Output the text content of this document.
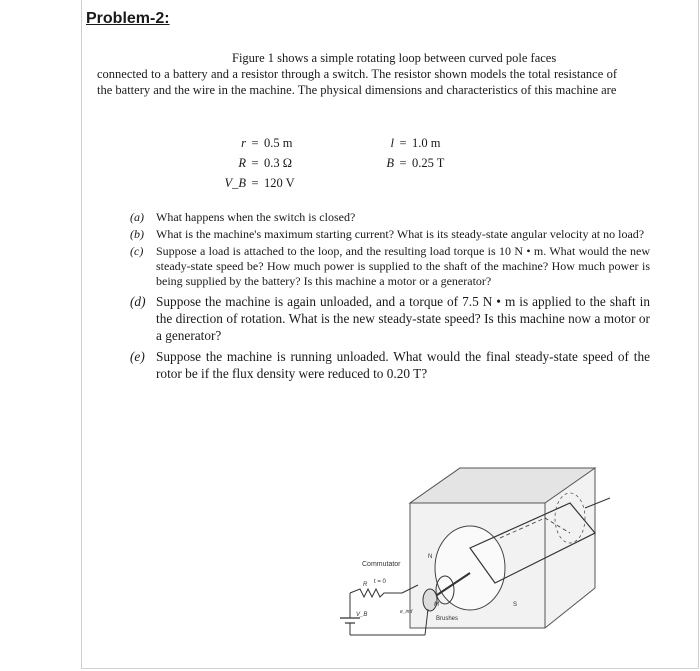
Problem-2:
Figure 1 shows a simple rotating loop between curved pole faces
connected to a battery and a resistor through a switch. The resistor shown models the total resistance of the battery and the wire in the machine. The physical dimensions and characteristics of this machine are
r = 0.5 m
R = 0.3 Ω
V_B = 120 V
l = 1.0 m
B = 0.25 T
(a)	What happens when the switch is closed?
(b)	What is the machine's maximum starting current? What is its steady-state angular velocity at no load?
(c)	Suppose a load is attached to the loop, and the resulting load torque is 10 N • m. What would the new steady-state speed be? How much power is supplied to the shaft of the machine? How much power is being supplied by the battery? Is this machine a motor or a generator?
(d) Suppose the machine is again unloaded, and a torque of 7.5 N • m is applied to the shaft in the direction of rotation. What is the new steady-state speed? Is this machine now a motor or a generator?
(e) Suppose the machine is running unloaded. What would the final steady-state speed of the rotor be if the flux density were reduced to 0.20 T?
Commutator
t = 0
R
V_B	e_ind
M
Brushes
N
S
